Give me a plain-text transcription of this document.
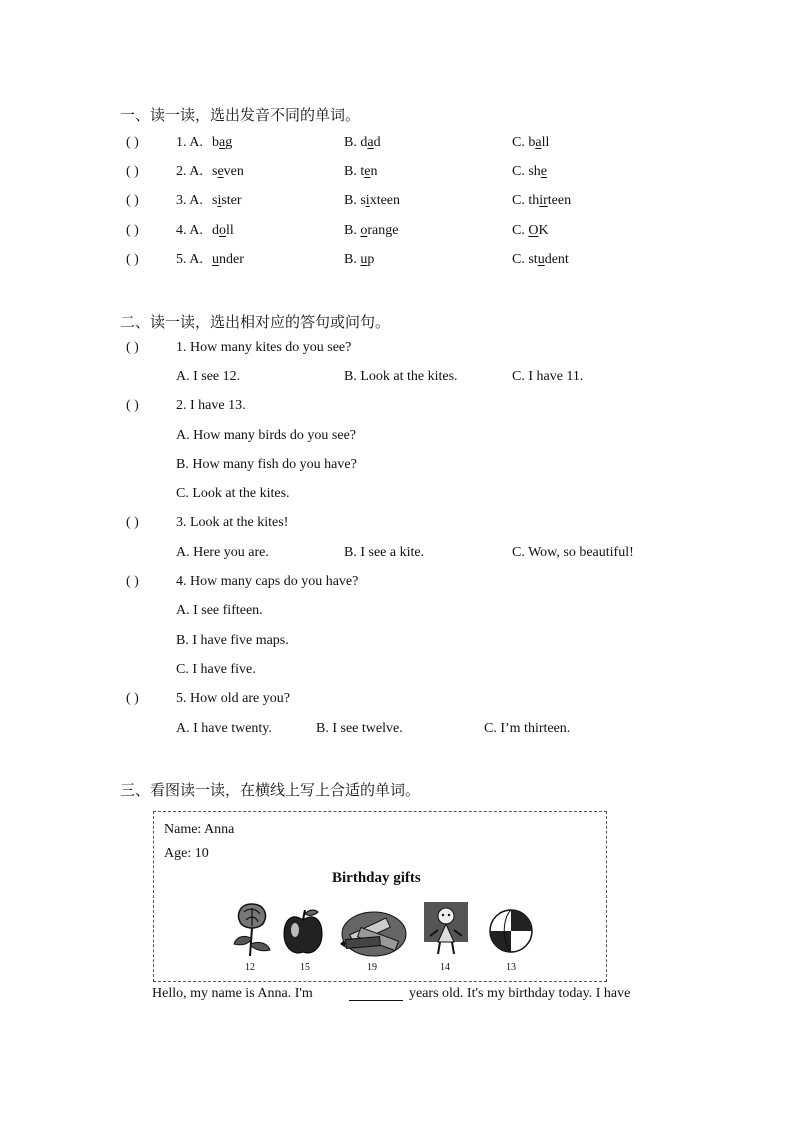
一、读一读，选出发音不同的单词。
( )	1. A. bag	B. dad	C. ball
( )	2. A. seven	B. ten	C. she
( )	3. A. sister	B. sixteen	C. thirteen
( )	4. A. doll	B. orange	C. OK
( )	5. A. under	B. up	C. student
二、读一读，选出相对应的答句或问句。
( )	1. How many kites do you see?
A. I see 12.	B. Look at the kites.	C. I have 11.
( )	2. I have 13.
A. How many birds do you see?
B. How many fish do you have?
C. Look at the kites.
( )	3. Look at the kites!
A. Here you are.	B. I see a kite.	C. Wow, so beautiful!
( )	4. How many caps do you have?
A. I see fifteen.
B. I have five maps.
C. I have five.
( )	5. How old are you?
A. I have twenty.	B. I see twelve.	C. I’m thirteen.
三、看图读一读，在横线上写上合适的单词。
Name: Anna
Age: 10
Birthday gifts
12	15	19	14	13
Hello, my name is Anna. I'm	years old. It's my birthday today. I have
